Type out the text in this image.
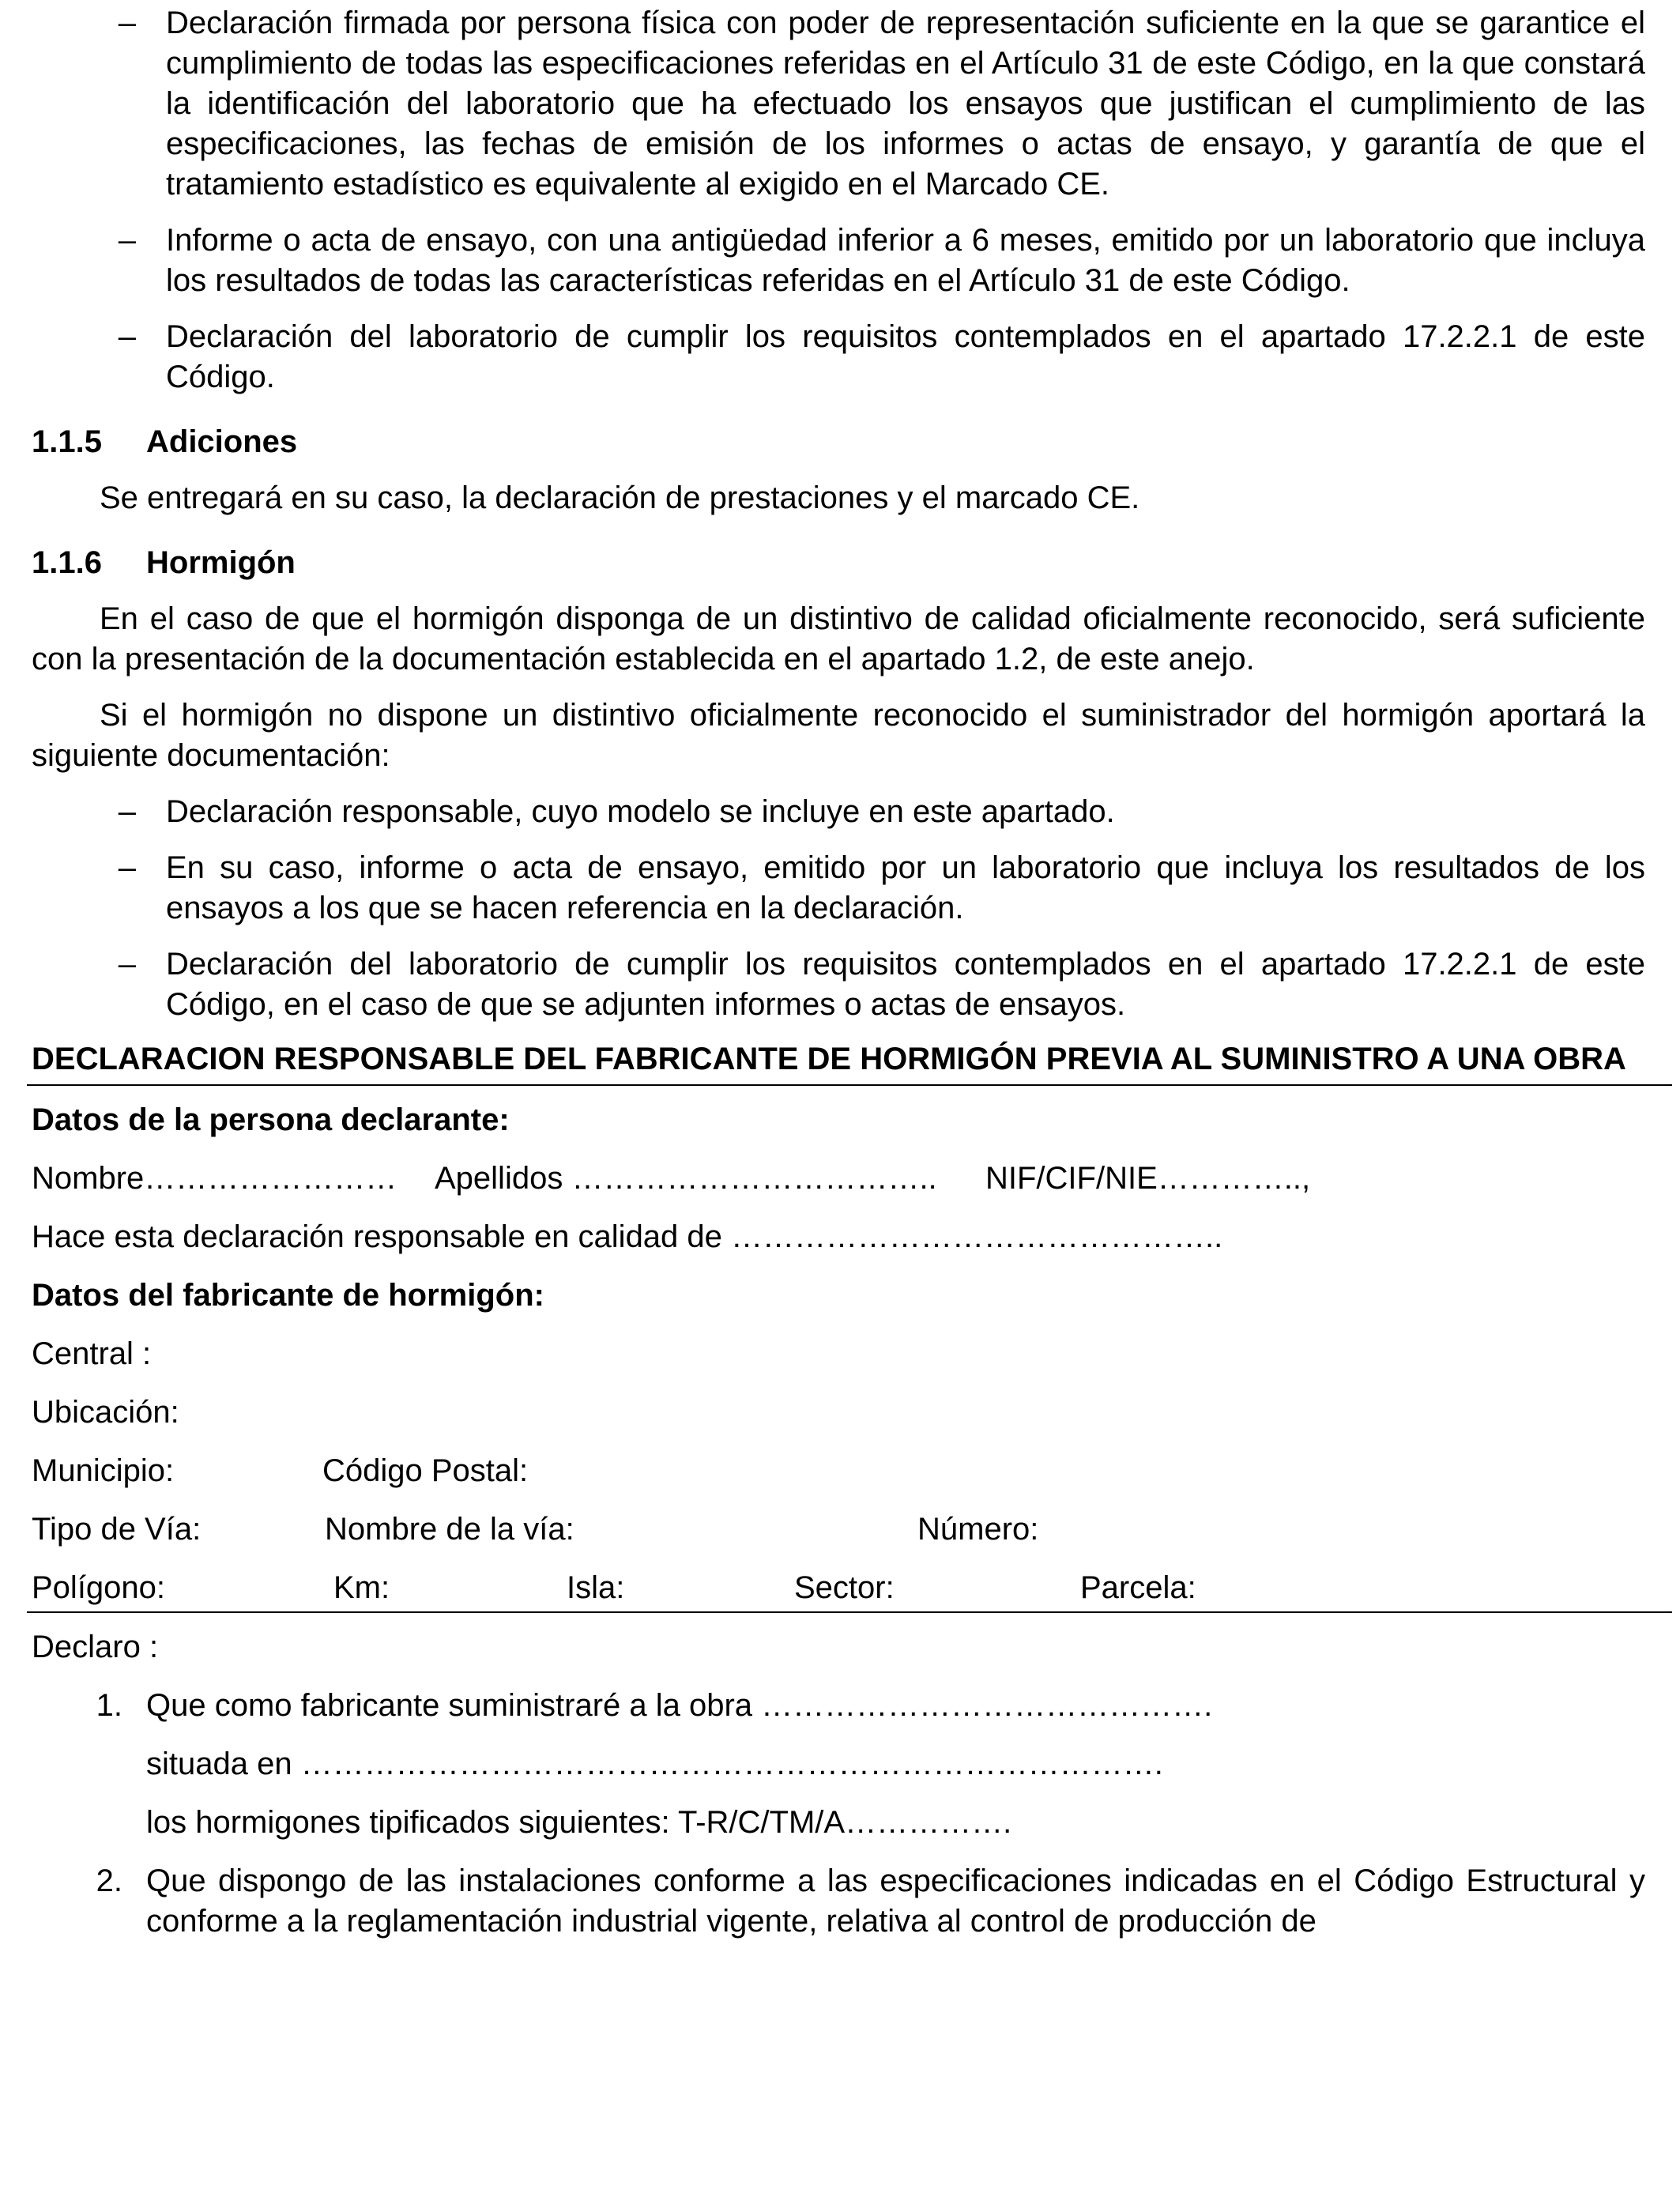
– Declaración firmada por persona física con poder de representación suficiente en la que se garantice el cumplimiento de todas las especificaciones referidas en el Artículo 31 de este Código, en la que constará la identificación del laboratorio que ha efectuado los ensayos que justifican el cumplimiento de las especificaciones, las fechas de emisión de los informes o actas de ensayo, y garantía de que el tratamiento estadístico es equivalente al exigido en el Marcado CE.
– Informe o acta de ensayo, con una antigüedad inferior a 6 meses, emitido por un laboratorio que incluya los resultados de todas las características referidas en el Artículo 31 de este Código.
– Declaración del laboratorio de cumplir los requisitos contemplados en el apartado 17.2.2.1 de este Código.
1.1.5	Adiciones
Se entregará en su caso, la declaración de prestaciones y el marcado CE.
1.1.6	Hormigón
En el caso de que el hormigón disponga de un distintivo de calidad oficialmente reconocido, será suficiente con la presentación de la documentación establecida en el apartado 1.2, de este anejo.
Si el hormigón no dispone un distintivo oficialmente reconocido el suministrador del hormigón aportará la siguiente documentación:
– Declaración responsable, cuyo modelo se incluye en este apartado.
– En su caso, informe o acta de ensayo, emitido por un laboratorio que incluya los resultados de los ensayos a los que se hacen referencia en la declaración.
– Declaración del laboratorio de cumplir los requisitos contemplados en el apartado 17.2.2.1 de este Código, en el caso de que se adjunten informes o actas de ensayos.
DECLARACION RESPONSABLE DEL FABRICANTE DE HORMIGÓN PREVIA AL SUMINISTRO A UNA OBRA
Datos de la persona declarante:
Nombre…………………… Apellidos …………………………….. NIF/CIF/NIE…………..,
Hace esta declaración responsable en calidad de ………………………………………..
Datos del fabricante de hormigón:
Central :
Ubicación:
Municipio:	Código Postal:
Tipo de Vía:	Nombre de la vía:	Número:
Polígono:	Km:	Isla:	Sector:	Parcela:
Declaro :
1. Que como fabricante suministraré a la obra …………………………………….
situada en ……………………………………………………………………….
los hormigones tipificados siguientes: T-R/C/TM/A…………….
2. Que dispongo de las instalaciones conforme a las especificaciones indicadas en el Código Estructural y conforme a la reglamentación industrial vigente, relativa al control de producción de
